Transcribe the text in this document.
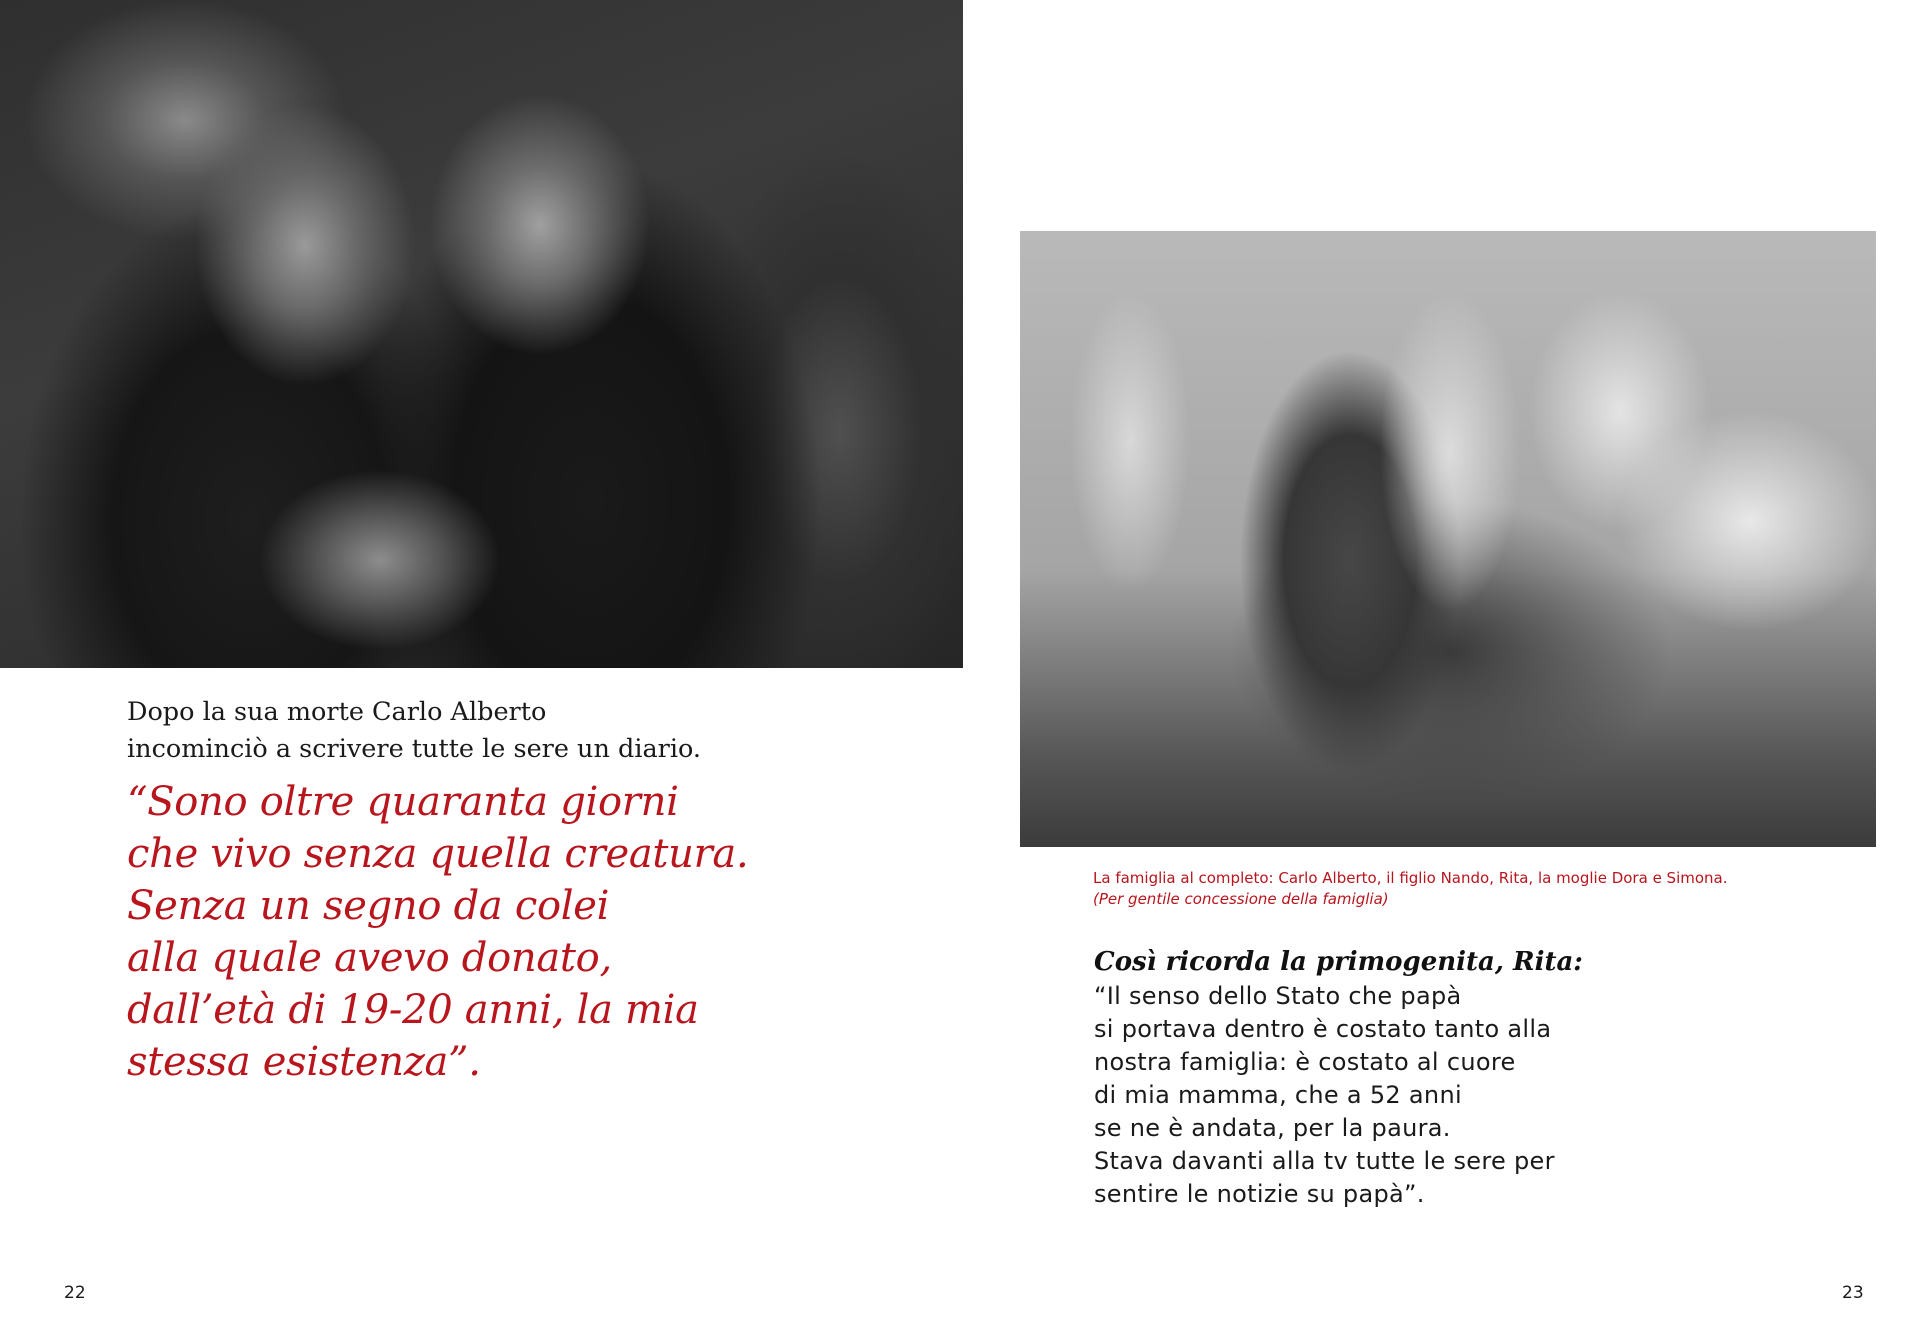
Dopo la sua morte Carlo Alberto
incominciò a scrivere tutte le sere un diario.

“Sono oltre quaranta giorni
che vivo senza quella creatura.
Senza un segno da colei
alla quale avevo donato,
dall’età di 19-20 anni, la mia
stessa esistenza”.

22

La famiglia al completo: Carlo Alberto, il figlio Nando, Rita, la moglie Dora e Simona.

(Per gentile concessione della famiglia)

Così ricorda la primogenita, Rita:

“Il senso dello Stato che papà
si portava dentro è costato tanto alla
nostra famiglia: è costato al cuore
di mia mamma, che a 52 anni
se ne è andata, per la paura.
Stava davanti alla tv tutte le sere per
sentire le notizie su papà”.

23
